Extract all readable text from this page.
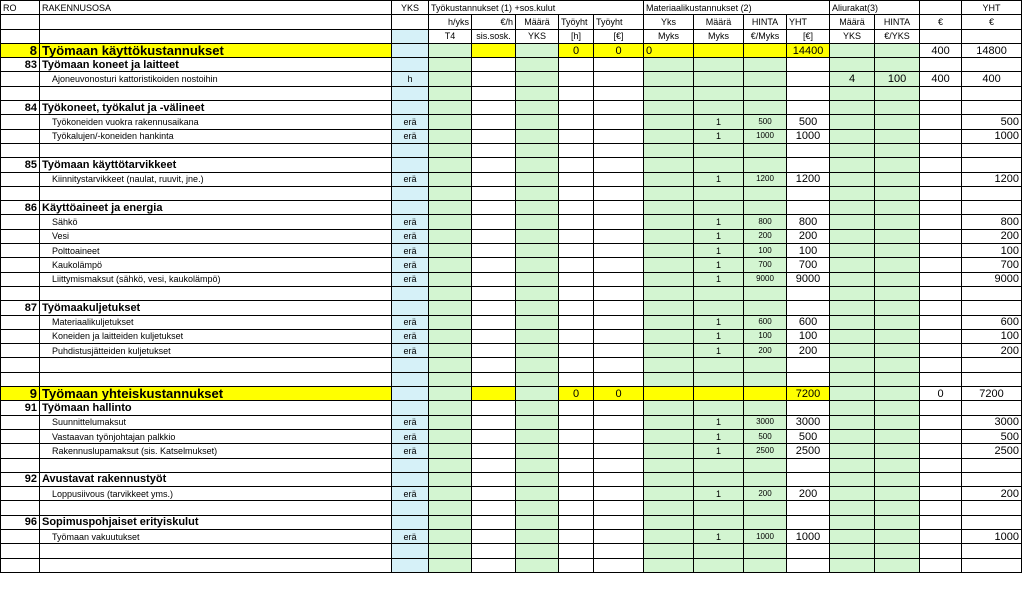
RO	RAKENNUSOSA	YKS	Työkustannukset (1) +sos.kulut					Materiaalikustannukset (2)				Aliurakat(3)			YHT
			h/yks	€/h	Määrä	Työyht	Työyht	Yks	Määrä	HINTA	YHT	Määrä	HINTA	€	€
			T4	sis.sosk.	YKS	[h]	[€]	Myks	Myks	€/Myks	[€]	YKS	€/YKS		
8	Työmaan käyttökustannukset					0	0	0			14400			400	14800
83	Työmaan koneet ja laitteet														
	Ajoneuvonosturi kattoristikoiden nostoihin	h										4	100	400	400

84	Työkoneet, työkalut ja -välineet														
	Työkoneiden vuokra rakennusaikana	erä							1	500	500				500
	Työkalujen/-koneiden hankinta	erä							1	1000	1000				1000

85	Työmaan käyttötarvikkeet														
	Kiinnitystarvikkeet (naulat, ruuvit, jne.)	erä							1	1200	1200				1200

86	Käyttöaineet ja energia														
	Sähkö	erä							1	800	800				800
	Vesi	erä							1	200	200				200
	Polttoaineet	erä							1	100	100				100
	Kaukolämpö	erä							1	700	700				700
	Liittymismaksut (sähkö, vesi, kaukolämpö)	erä							1	9000	9000				9000

87	Työmaakuljetukset														
	Materiaalikuljetukset	erä							1	600	600				600
	Koneiden ja laitteiden kuljetukset	erä							1	100	100				100
	Puhdistusjätteiden kuljetukset	erä							1	200	200				200

9	Työmaan yhteiskustannukset					0	0				7200			0	7200
91	Työmaan hallinto														
	Suunnittelumaksut	erä							1	3000	3000				3000
	Vastaavan työnjohtajan palkkio	erä							1	500	500				500
	Rakennuslupamaksut (sis. Katselmukset)	erä							1	2500	2500				2500

92	Avustavat rakennustyöt														
	Loppusiivous (tarvikkeet yms.)	erä							1	200	200				200

96	Sopimuspohjaiset erityiskulut														
	Työmaan vakuutukset	erä							1	1000	1000				1000
